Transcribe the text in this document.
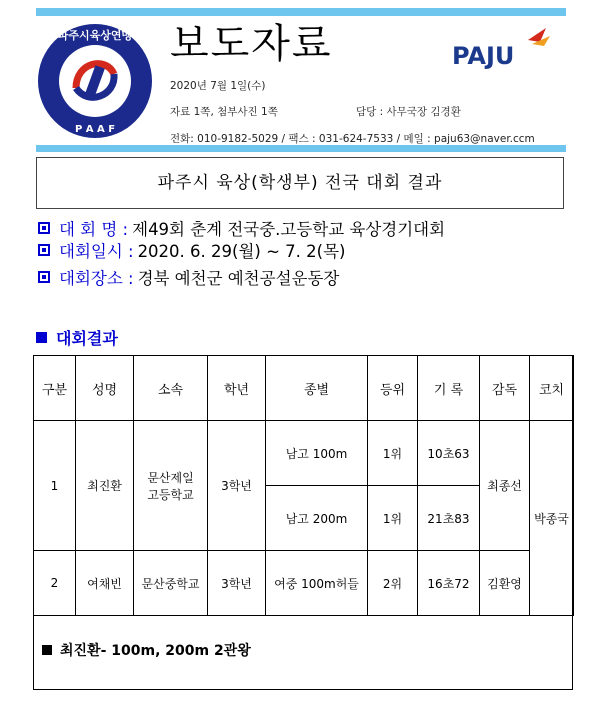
파주시육상연맹
P A A F
보도자료	PAJU
2020년 7월 1일(수)
자료 1쪽, 첨부사진 1쪽	담당 : 사무국장 김경환
전화: 010-9182-5029 / 팩스 : 031-624-7533 / 메일 : paju63@naver.ccm
파주시 육상(학생부) 전국 대회 결과
대 회 명 : 제49회 춘계 전국중.고등학교 육상경기대회
대회일시 : 2020. 6. 29(월) ~ 7. 2(목)
대회장소 : 경북 예천군 예천공설운동장
대회결과
구분	성명	소속	학년	종별	등위	기 록	감독	코치
1	최진환	문산제일 고등학교	3학년	남고 100m	1위	10초63	최종선	박종국
				남고 200m	1위	21초83		
2	여채빈	문산중학교	3학년	여중 100m허들	2위	16초72	김환영	
최진환- 100m, 200m 2관왕
